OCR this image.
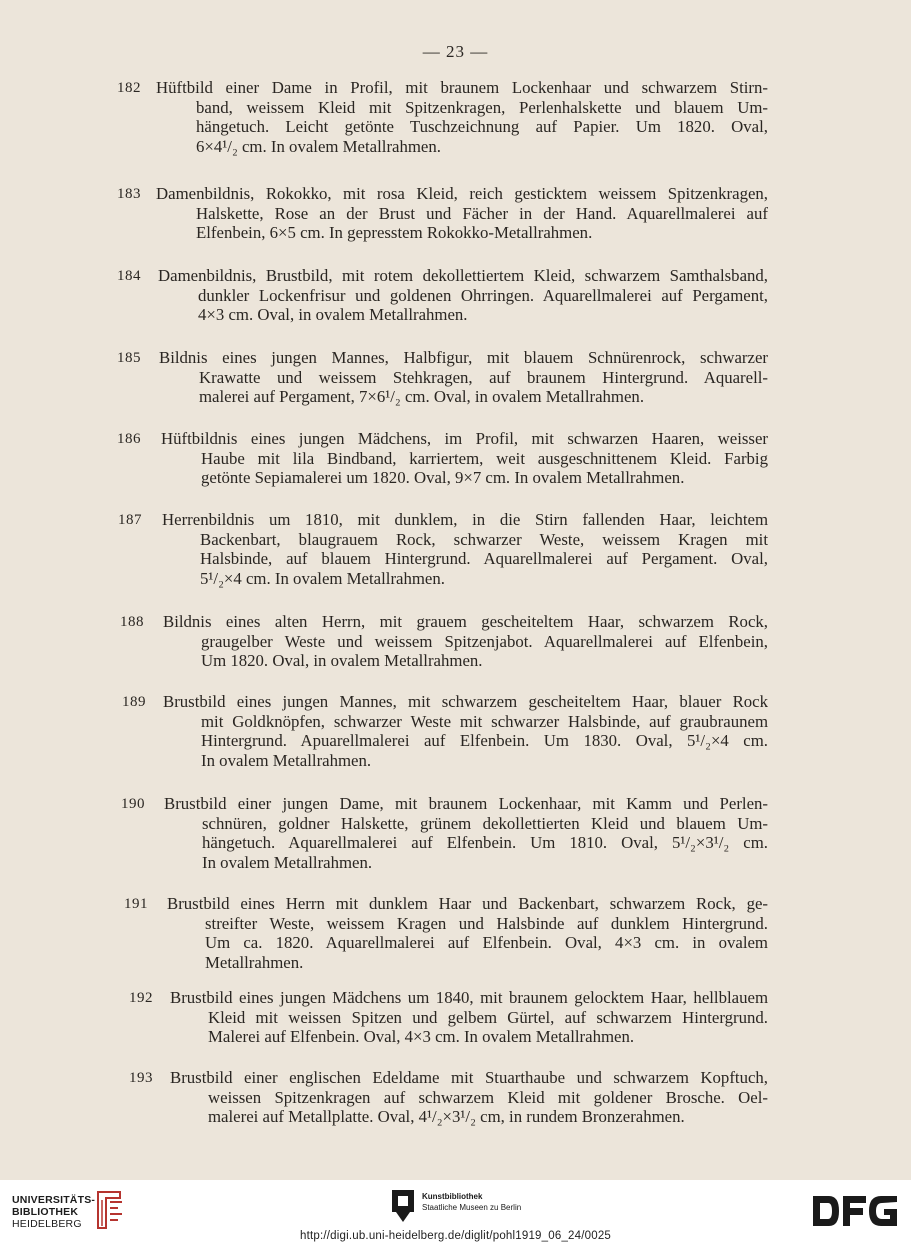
— 23 —
182 Hüftbild einer Dame in Profil, mit braunem Lockenhaar und schwarzem Stirn-
band, weissem Kleid mit Spitzenkragen, Perlenhalskette und blauem Um-
hängetuch. Leicht getönte Tuschzeichnung auf Papier. Um 1820. Oval,
6×4¹/₂ cm. In ovalem Metallrahmen.
183 Damenbildnis, Rokokko, mit rosa Kleid, reich gesticktem weissem Spitzenkragen,
Halskette, Rose an der Brust und Fächer in der Hand. Aquarellmalerei auf
Elfenbein, 6×5 cm. In gepresstem Rokokko-Metallrahmen.
184 Damenbildnis, Brustbild, mit rotem dekollettiertem Kleid, schwarzem Samthalsband,
dunkler Lockenfrisur und goldenen Ohrringen. Aquarellmalerei auf Pergament,
4×3 cm. Oval, in ovalem Metallrahmen.
185 Bildnis eines jungen Mannes, Halbfigur, mit blauem Schnürenrock, schwarzer
Krawatte und weissem Stehkragen, auf braunem Hintergrund. Aquarell-
malerei auf Pergament, 7×6¹/₂ cm. Oval, in ovalem Metallrahmen.
186 Hüftbildnis eines jungen Mädchens, im Profil, mit schwarzen Haaren, weisser
Haube mit lila Bindband, karriertem, weit ausgeschnittenem Kleid. Farbig
getönte Sepiamalerei um 1820. Oval, 9×7 cm. In ovalem Metallrahmen.
187 Herrenbildnis um 1810, mit dunklem, in die Stirn fallenden Haar, leichtem
Backenbart, blaugrauem Rock, schwarzer Weste, weissem Kragen mit
Halsbinde, auf blauem Hintergrund. Aquarellmalerei auf Pergament. Oval,
5¹/₂×4 cm. In ovalem Metallrahmen.
188 Bildnis eines alten Herrn, mit grauem gescheiteltem Haar, schwarzem Rock,
graugelber Weste und weissem Spitzenjabot. Aquarellmalerei auf Elfenbein,
Um 1820. Oval, in ovalem Metallrahmen.
189 Brustbild eines jungen Mannes, mit schwarzem gescheiteltem Haar, blauer Rock
mit Goldknöpfen, schwarzer Weste mit schwarzer Halsbinde, auf graubraunem
Hintergrund. Apuarellmalerei auf Elfenbein. Um 1830. Oval, 5¹/₂×4 cm.
In ovalem Metallrahmen.
190 Brustbild einer jungen Dame, mit braunem Lockenhaar, mit Kamm und Perlen-
schnüren, goldner Halskette, grünem dekollettierten Kleid und blauem Um-
hängetuch. Aquarellmalerei auf Elfenbein. Um 1810. Oval, 5¹/₂×3¹/₂ cm.
In ovalem Metallrahmen.
191 Brustbild eines Herrn mit dunklem Haar und Backenbart, schwarzem Rock, ge-
streifter Weste, weissem Kragen und Halsbinde auf dunklem Hintergrund.
Um ca. 1820. Aquarellmalerei auf Elfenbein. Oval, 4×3 cm. in ovalem
Metallrahmen.
192 Brustbild eines jungen Mädchens um 1840, mit braunem gelocktem Haar, hellblauem
Kleid mit weissen Spitzen und gelbem Gürtel, auf schwarzem Hintergrund.
Malerei auf Elfenbein. Oval, 4×3 cm. In ovalem Metallrahmen.
193 Brustbild einer englischen Edeldame mit Stuarthaube und schwarzem Kopftuch,
weissen Spitzenkragen auf schwarzem Kleid mit goldener Brosche. Oel-
malerei auf Metallplatte. Oval, 4¹/₂×3¹/₂ cm, in rundem Bronzerahmen.
UNIVERSITÄTS-
BIBLIOTHEK
HEIDELBERG
Kunstbibliothek
Staatliche Museen zu Berlin
http://digi.ub.uni-heidelberg.de/diglit/pohl1919_06_24/0025
